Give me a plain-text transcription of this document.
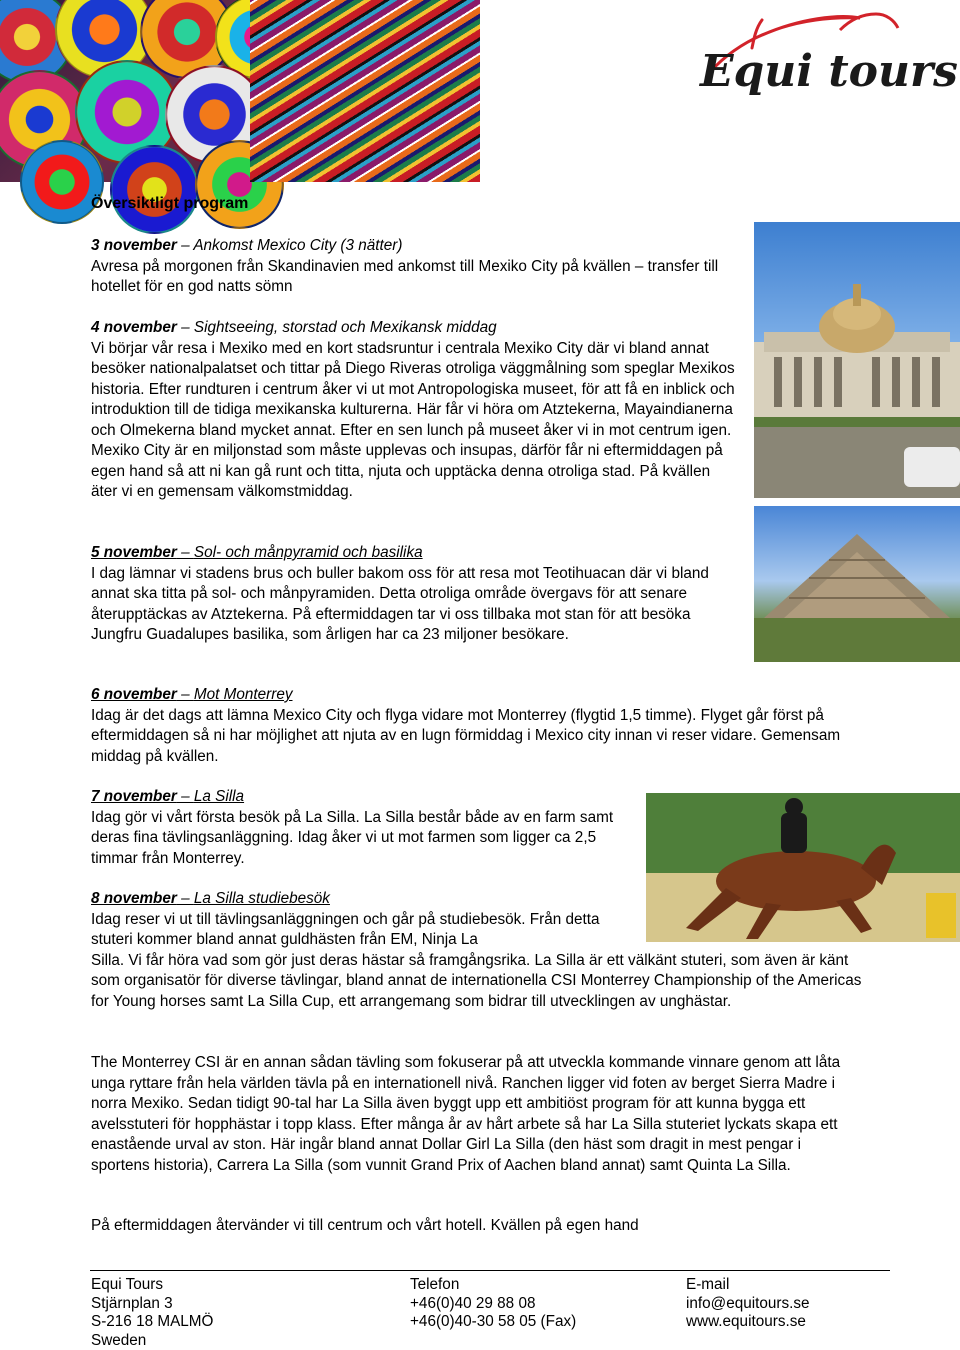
Equi tours
Översiktligt program

3 november – Ankomst Mexico City (3 nätter)

Avresa på morgonen från Skandinavien med ankomst till Mexiko City på kvällen – transfer till hotellet för en god natts sömn

4 november – Sightseeing, storstad och Mexikansk middag

Vi börjar vår resa i Mexiko med en kort stadsruntur i centrala Mexiko City där vi bland annat besöker nationalpalatset och tittar på Diego Riveras otroliga väggmålning som speglar Mexikos historia. Efter rundturen i centrum åker vi ut mot Antropologiska museet, för att få en inblick och introduktion till de tidiga mexikanska kulturerna. Här får vi höra om Atztekerna, Mayaindianerna och Olmekerna bland mycket annat. Efter en sen lunch på museet åker vi in mot centrum igen. Mexiko City är en miljonstad som måste upplevas och insupas, därför får ni eftermiddagen på egen hand så att ni kan gå runt och titta, njuta och upptäcka denna otroliga stad. På kvällen äter vi en gemensam välkomstmiddag.

5 november – Sol- och månpyramid och basilika

I dag lämnar vi stadens brus och buller bakom oss för att resa mot Teotihuacan där vi bland annat ska titta på sol- och månpyramiden. Detta otroliga område övergavs för att senare återupptäckas av Atztekerna. På eftermiddagen tar vi oss tillbaka mot stan för att besöka Jungfru Guadalupes basilika, som årligen har ca 23 miljoner besökare.

6 november – Mot Monterrey

Idag är det dags att lämna Mexico City och flyga vidare mot Monterrey (flygtid 1,5 timme). Flyget går först på eftermiddagen så ni har möjlighet att njuta av en lugn förmiddag i Mexico city innan vi reser vidare. Gemensam middag på kvällen.

7 november – La Silla

Idag gör vi vårt första besök på La Silla. La Silla består både av en farm samt deras fina tävlingsanläggning. Idag åker vi ut mot farmen som ligger ca 2,5 timmar från Monterrey.

8 november – La Silla studiebesök

Idag reser vi ut till tävlingsanläggningen och går på studiebesök. Från detta stuteri kommer bland annat guldhästen från EM, Ninja La

Silla. Vi får höra vad som gör just deras hästar så framgångsrika. La Silla är ett välkänt stuteri, som även är känt som organisatör för diverse tävlingar, bland annat de internationella CSI Monterrey Championship of the Americas for Young horses samt La Silla Cup, ett arrangemang som bidrar till utvecklingen av unghästar.

The Monterrey CSI är en annan sådan tävling som fokuserar på att utveckla kommande vinnare genom att låta unga ryttare från hela världen tävla på en internationell nivå. Ranchen ligger vid foten av berget Sierra Madre i norra Mexiko. Sedan tidigt 90-tal har La Silla även byggt upp ett ambitiöst program för att kunna bygga ett avelsstuteri för hopphästar i topp klass. Efter många år av hårt arbete så har La Silla stuteriet lyckats skapa ett enastående urval av ston. Här ingår bland annat Dollar Girl La Silla (den häst som dragit in mest pengar i sportens historia), Carrera La Silla (som vunnit Grand Prix of Aachen bland annat) samt Quinta La Silla.
På eftermiddagen återvänder vi till centrum och vårt hotell. Kvällen på egen hand
Equi Tours
Stjärnplan 3
S-216 18 MALMÖ
Sweden
Telefon
+46(0)40 29 88 08
+46(0)40-30 58 05 (Fax)
E-mail
info@equitours.se
www.equitours.se
